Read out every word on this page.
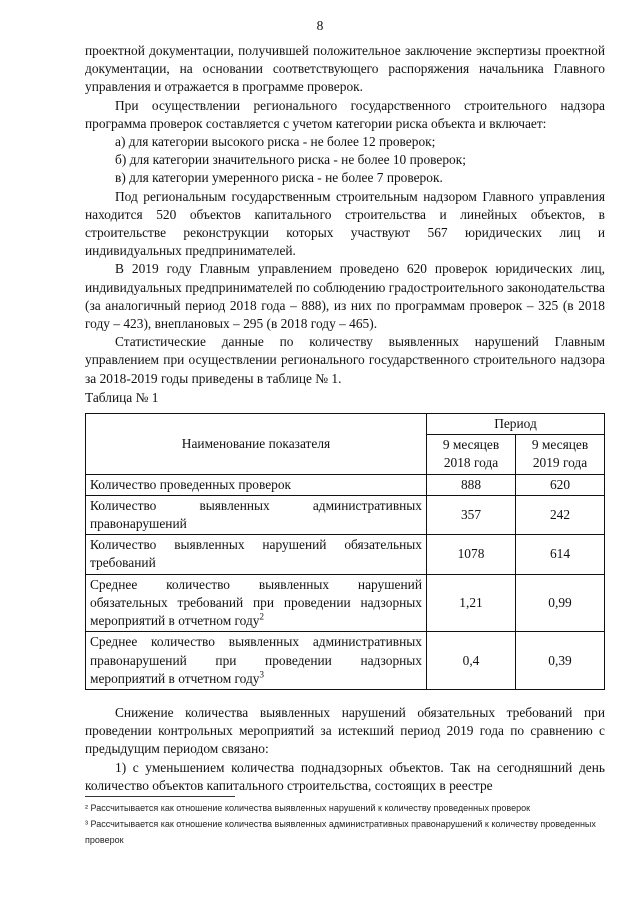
8

проектной документации, получившей положительное заключение экспертизы проектной документации, на основании соответствующего распоряжения начальника Главного управления и отражается в программе проверок.

При осуществлении регионального государственного строительного надзора программа проверок составляется с учетом категории риска объекта и включает:

а) для категории высокого риска - не более 12 проверок;

б) для категории значительного риска - не более 10 проверок;

в) для категории умеренного риска - не более 7 проверок.

Под региональным государственным строительным надзором Главного управления находится 520 объектов капитального строительства и линейных объектов, в строительстве реконструкции которых участвуют 567 юридических лиц и индивидуальных предпринимателей.

В 2019 году Главным управлением проведено 620 проверок юридических лиц, индивидуальных предпринимателей по соблюдению градостроительного законодательства (за аналогичный период 2018 года – 888), из них по программам проверок – 325 (в 2018 году – 423), внеплановых – 295 (в 2018 году – 465).

Статистические данные по количеству выявленных нарушений Главным управлением при осуществлении регионального государственного строительного надзора за 2018-2019 годы приведены в таблице № 1.

Таблица № 1

Наименование показателя	Период	
	9 месяцев 2018 года	9 месяцев 2019 года
Количество проведенных проверок	888	620
Количество выявленных административных правонарушений	357	242
Количество выявленных нарушений обязательных требований	1078	614
Среднее количество выявленных нарушений обязательных требований при проведении надзорных мероприятий в отчетном году$^2$	1,21	0,99
Среднее количество выявленных административных правонарушений при проведении надзорных мероприятий в отчетном году$^3$	0,4	0,39

Снижение количества выявленных нарушений обязательных требований при проведении контрольных мероприятий за истекший период 2019 года по сравнению с предыдущим периодом связано:

1) с уменьшением количества поднадзорных объектов. Так на сегодняшний день количество объектов капитального строительства, состоящих в реестре

² Рассчитывается как отношение количества выявленных нарушений к количеству проведенных проверок

³ Рассчитывается как отношение количества выявленных административных правонарушений к количеству проведенных проверок
